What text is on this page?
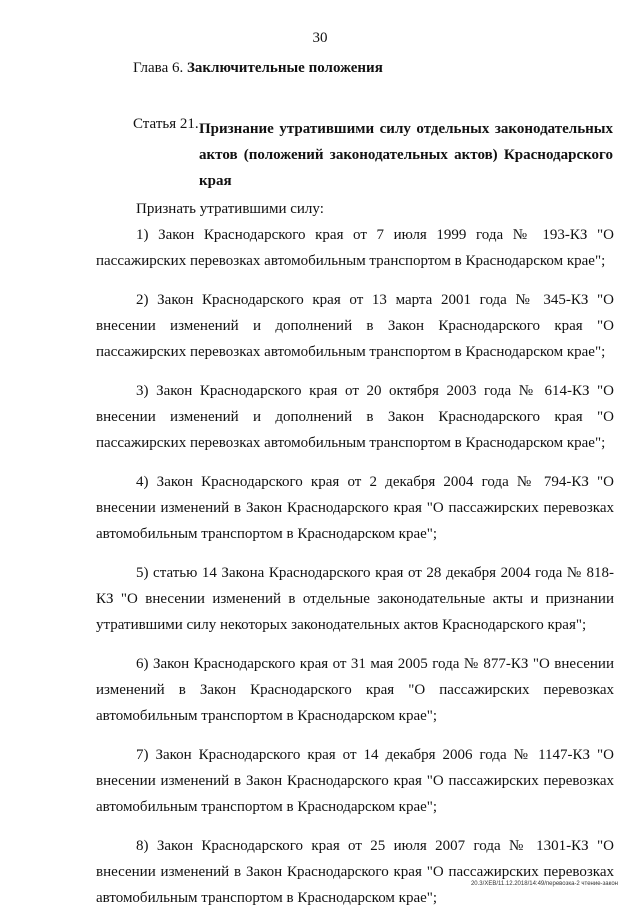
30
Глава 6. Заключительные положения
Статья 21. Признание утратившими силу отдельных законодательных актов (положений законодательных актов) Краснодарского края

Признать утратившими силу:

1) Закон Краснодарского края от 7 июля 1999 года № 193-КЗ "О пассажирских перевозках автомобильным транспортом в Краснодарском крае";

2) Закон Краснодарского края от 13 марта 2001 года № 345-КЗ "О внесении изменений и дополнений в Закон Краснодарского края "О пассажирских перевозках автомобильным транспортом в Краснодарском крае";

3) Закон Краснодарского края от 20 октября 2003 года № 614-КЗ "О внесении изменений и дополнений в Закон Краснодарского края "О пассажирских перевозках автомобильным транспортом в Краснодарском крае";

4) Закон Краснодарского края от 2 декабря 2004 года № 794-КЗ "О внесении изменений в Закон Краснодарского края "О пассажирских перевозках автомобильным транспортом в Краснодарском крае";

5) статью 14 Закона Краснодарского края от 28 декабря 2004 года № 818-КЗ "О внесении изменений в отдельные законодательные акты и признании утратившими силу некоторых законодательных актов Краснодарского края";

6) Закон Краснодарского края от 31 мая 2005 года № 877-КЗ "О внесении изменений в Закон Краснодарского края "О пассажирских перевозках автомобильным транспортом в Краснодарском крае";

7) Закон Краснодарского края от 14 декабря 2006 года № 1147-КЗ "О внесении изменений в Закон Краснодарского края "О пассажирских перевозках автомобильным транспортом в Краснодарском крае";

8) Закон Краснодарского края от 25 июля 2007 года № 1301-КЗ "О внесении изменений в Закон Краснодарского края "О пассажирских перевозках автомобильным транспортом в Краснодарском крае";

20.3/ХЕВ/11.12.2018/14:49/перевозка-2 чтение-закон
